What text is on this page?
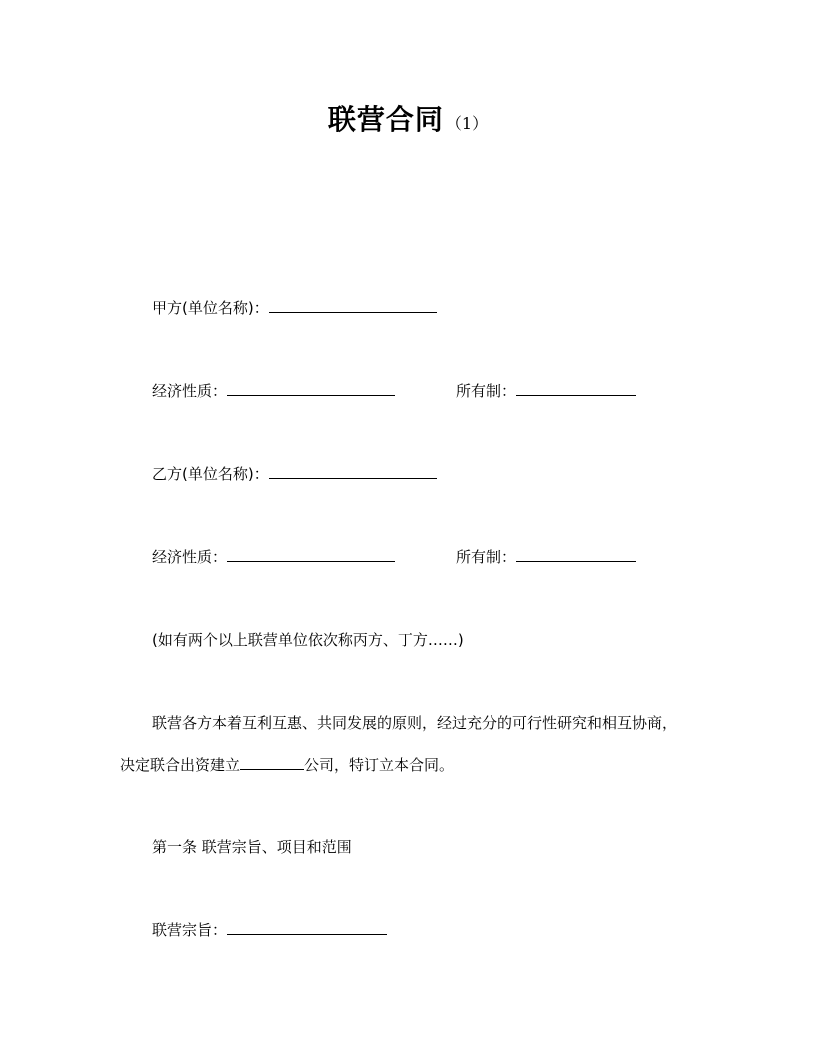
联营合同 （1）
甲方(单位名称)：
经济性质：	所有制：
乙方(单位名称)：
经济性质：	所有制：
(如有两个以上联营单位依次称丙方、丁方……)
联营各方本着互利互惠、共同发展的原则，经过充分的可行性研究和相互协商，
决定联合出资建立	公司，特订立本合同。
第一条 联营宗旨、项目和范围
联营宗旨：
